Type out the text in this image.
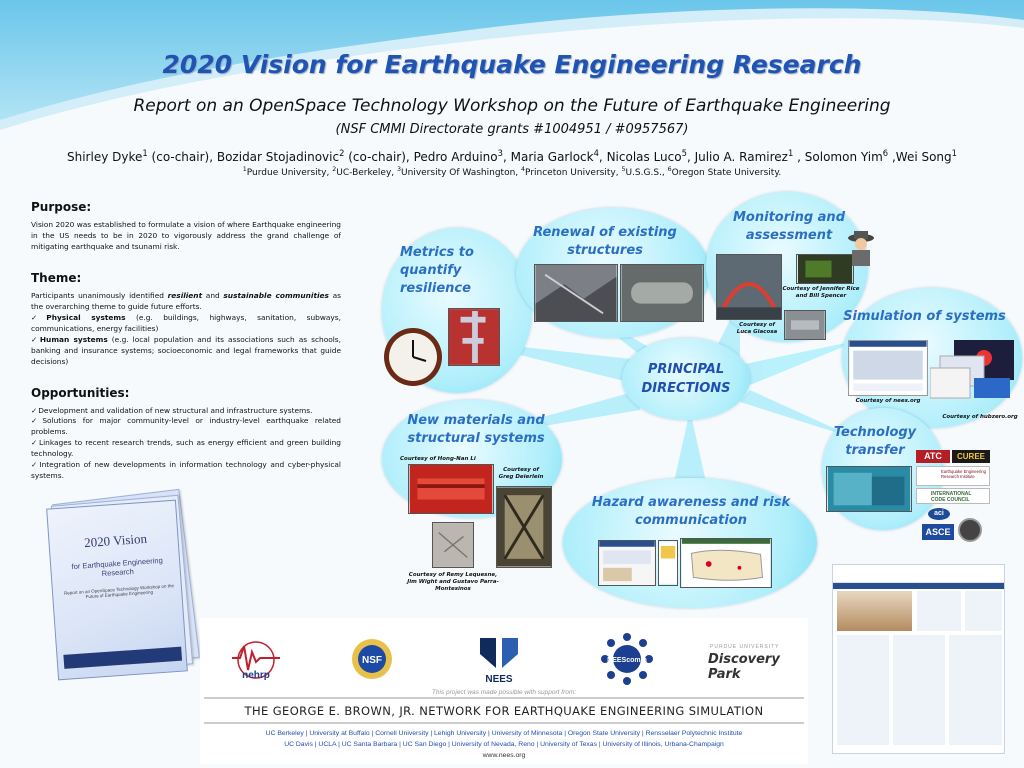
2020 Vision for Earthquake Engineering Research
Report on an OpenSpace Technology Workshop on the Future of Earthquake Engineering
(NSF CMMI Directorate grants #1004951 / #0957567)
Shirley Dyke$^1$ (co-chair), Bozidar Stojadinovic$^2$ (co-chair), Pedro Arduino$^3$, Maria Garlock$^4$, Nicolas Luco$^5$, Julio A. Ramirez$^1$ , Solomon Yim$^6$ ,Wei Song$^1$
$^1$Purdue University, $^2$UC-Berkeley, $^3$University Of Washington, $^4$Princeton University, $^5$U.S.G.S., $^6$Oregon State University.
Purpose:
Vision 2020 was established to formulate a vision of where Earthquake engineering in the US needs to be in 2020 to vigorously address the grand challenge of mitigating earthquake and tsunami risk.
Theme:
Participants unanimously identified resilient and sustainable communities as the overarching theme to guide future efforts.
✓ Physical systems (e.g. buildings, highways, sanitation, subways, communications, energy facilities)
✓ Human systems (e.g. local population and its associations such as schools, banking and insurance systems; socioeconomic and legal frameworks that guide decisions)
Opportunities:
✓ Development and validation of new structural and infrastructure systems.
✓ Solutions for major community-level or industry-level earthquake related problems.
✓ Linkages to recent research trends, such as energy efficient and green building technology.
✓ Integration of new developments in information technology and cyber-physical systems.
2020 Vision
for Earthquake Engineering Research
Report on an OpenSpace Technology Workshop on the Future of Earthquake Engineering
Metrics to quantify resilience
Renewal of existing structures
Monitoring and assessment
Simulation of systems
Technology transfer
Hazard awareness and risk communication
New materials and structural systems
PRINCIPAL DIRECTIONS
Courtesy of Jennifer Rice and Bill Spencer
Courtesy of Luca Giacosa
Courtesy of nees.org
Courtesy of hubzero.org
ATC	CUREE
Earthquake Engineering Research Institute
INTERNATIONAL CODE COUNCIL
aci
ASCE
Courtesy of Hong-Nan Li
Courtesy of Greg Deierlein
Courtesy of Remy Lequesne, Jim Wight and Gustavo Parra-Montesinos
nehrp
NSF
NEES
NEEScomm
PURDUE UNIVERSITY
Discovery Park
This project was made possible with support from:
THE GEORGE E. BROWN, JR. NETWORK FOR EARTHQUAKE ENGINEERING SIMULATION
UC Berkeley | University at Buffalo | Cornell University | Lehigh University | University of Minnesota | Oregon State University | Rensselaer Polytechnic Institute
UC Davis | UCLA | UC Santa Barbara | UC San Diego | University of Nevada, Reno | University of Texas | University of Illinois, Urbana-Champaign
www.nees.org
